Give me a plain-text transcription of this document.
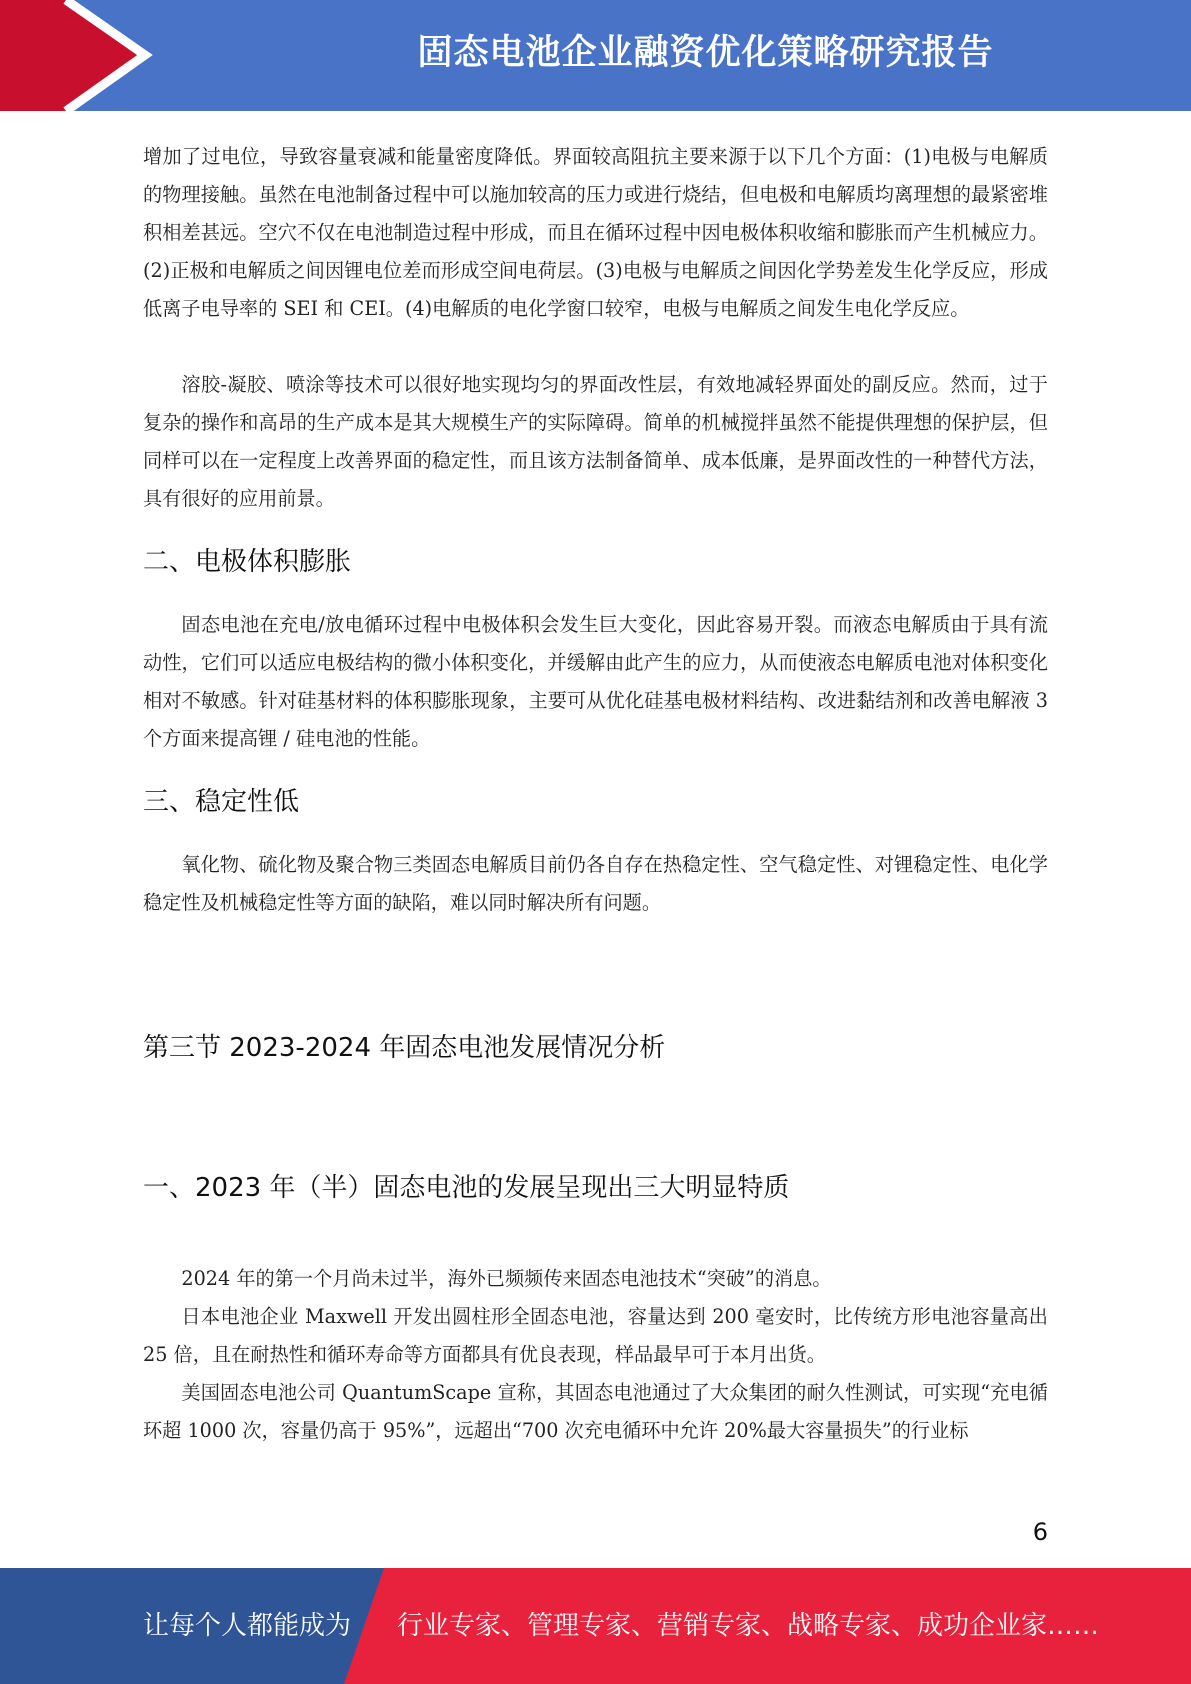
固态电池企业融资优化策略研究报告

增加了过电位，导致容量衰减和能量密度降低。界面较高阻抗主要来源于以下几个方面：(1)电极与电解质的物理接触。虽然在电池制备过程中可以施加较高的压力或进行烧结，但电极和电解质均离理想的最紧密堆积相差甚远。空穴不仅在电池制造过程中形成，而且在循环过程中因电极体积收缩和膨胀而产生机械应力。(2)正极和电解质之间因锂电位差而形成空间电荷层。(3)电极与电解质之间因化学势差发生化学反应，形成低离子电导率的 SEI 和 CEI。(4)电解质的电化学窗口较窄，电极与电解质之间发生电化学反应。

溶胶-凝胶、喷涂等技术可以很好地实现均匀的界面改性层，有效地减轻界面处的副反应。然而，过于复杂的操作和高昂的生产成本是其大规模生产的实际障碍。简单的机械搅拌虽然不能提供理想的保护层，但同样可以在一定程度上改善界面的稳定性，而且该方法制备简单、成本低廉，是界面改性的一种替代方法，具有很好的应用前景。

二、电极体积膨胀

固态电池在充电/放电循环过程中电极体积会发生巨大变化，因此容易开裂。而液态电解质由于具有流动性，它们可以适应电极结构的微小体积变化，并缓解由此产生的应力，从而使液态电解质电池对体积变化相对不敏感。针对硅基材料的体积膨胀现象，主要可从优化硅基电极材料结构、改进黏结剂和改善电解液 3 个方面来提高锂 / 硅电池的性能。

三、稳定性低

氧化物、硫化物及聚合物三类固态电解质目前仍各自存在热稳定性、空气稳定性、对锂稳定性、电化学稳定性及机械稳定性等方面的缺陷，难以同时解决所有问题。

第三节 2023-2024 年固态电池发展情况分析
一、2023 年（半）固态电池的发展呈现出三大明显特质

2024 年的第一个月尚未过半，海外已频频传来固态电池技术“突破”的消息。

日本电池企业 Maxwell 开发出圆柱形全固态电池，容量达到 200 毫安时，比传统方形电池容量高出 25 倍，且在耐热性和循环寿命等方面都具有优良表现，样品最早可于本月出货。

美国固态电池公司 QuantumScape 宣称，其固态电池通过了大众集团的耐久性测试，可实现“充电循环超 1000 次，容量仍高于 95%”，远超出“700 次充电循环中允许 20%最大容量损失”的行业标

6
让每个人都能成为 行业专家、管理专家、营销专家、战略专家、成功企业家……
